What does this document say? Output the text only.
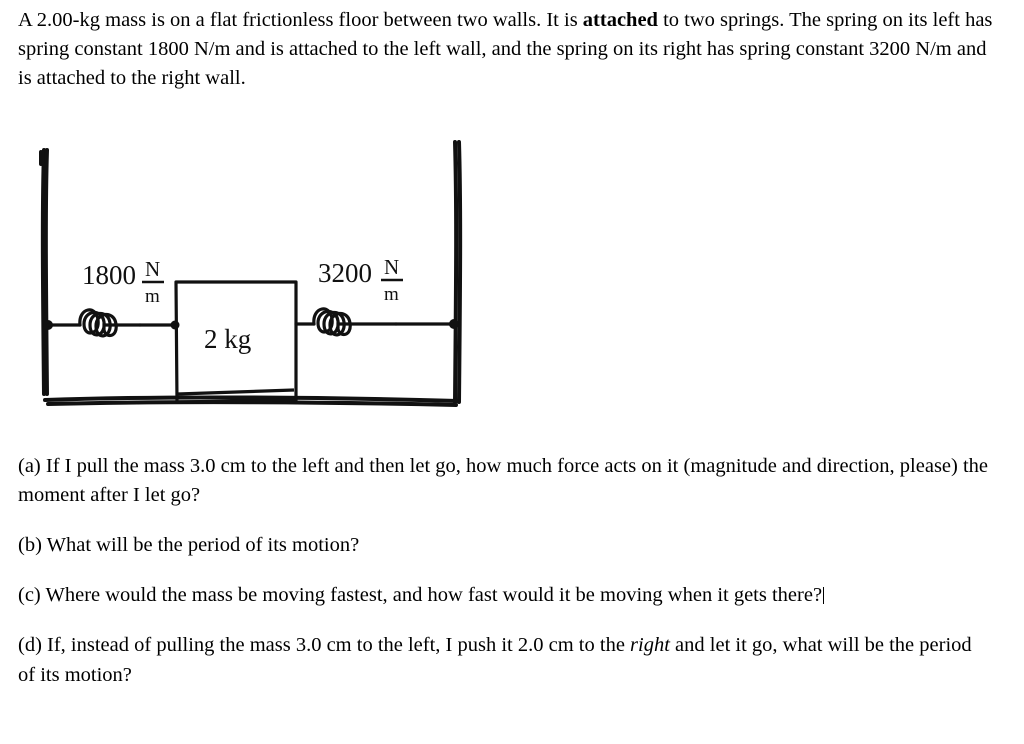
A 2.00-kg mass is on a flat frictionless floor between two walls. It is attached to two springs. The spring on its left has spring constant 1800 N/m and is attached to the left wall, and the spring on its right has spring constant 3200 N/m and is attached to the right wall.
1800 N
m
3200 N
m
2 kg

(a) If I pull the mass 3.0 cm to the left and then let go, how much force acts on it (magnitude and direction, please) the moment after I let go?

(b) What will be the period of its motion?

(c) Where would the mass be moving fastest, and how fast would it be moving when it gets there?

(d) If, instead of pulling the mass 3.0 cm to the left, I push it 2.0 cm to the right and let it go, what will be the period of its motion?
